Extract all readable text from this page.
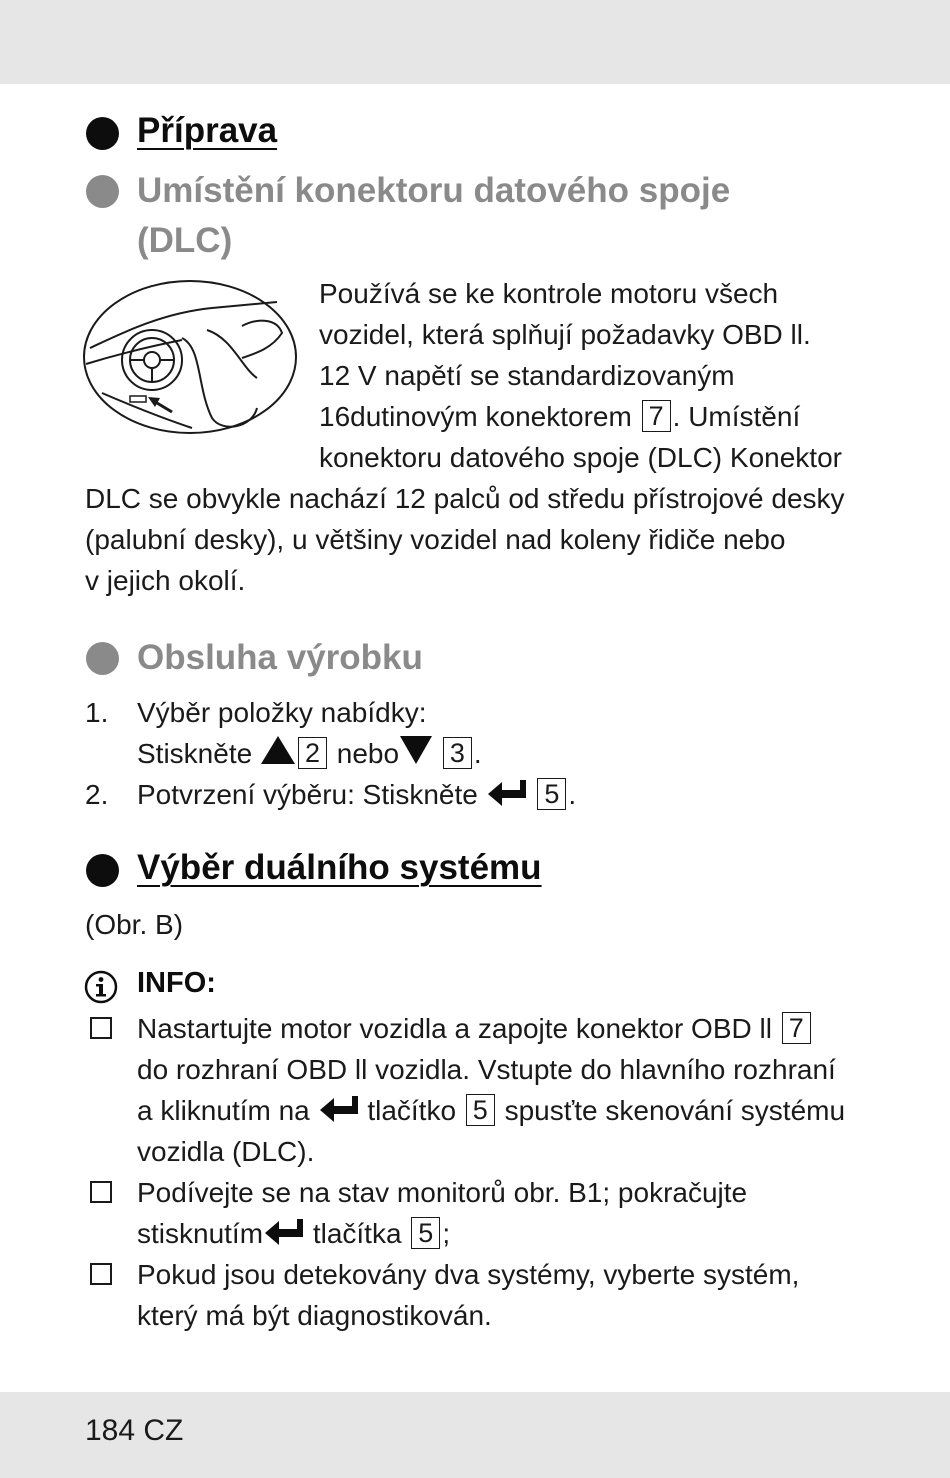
Příprava
Umístění konektoru datového spoje
(DLC)
Používá se ke kontrole motoru všech
vozidel, která splňují požadavky OBD ll.
12 V napětí se standardizovaným
16dutinovým konektorem 7 . Umístění
konektoru datového spoje (DLC) Konektor
DLC se obvykle nachází 12 palců od středu přístrojové desky
(palubní desky), u většiny vozidel nad koleny řidiče nebo
v jejich okolí.
Obsluha výrobku
1. Výběr položky nabídky:
Stiskněte 2 nebo 3 .
2. Potvrzení výběru: Stiskněte 5 .
Výběr duálního systému
(Obr. B)
INFO:
Nastartujte motor vozidla a zapojte konektor OBD ll 7
do rozhraní OBD ll vozidla. Vstupte do hlavního rozhraní
a kliknutím na tlačítko 5 spusťte skenování systému
vozidla (DLC).
Podívejte se na stav monitorů obr. B1; pokračujte
stisknutím tlačítka 5 ;
Pokud jsou detekovány dva systémy, vyberte systém,
který má být diagnostikován.
184 CZ
